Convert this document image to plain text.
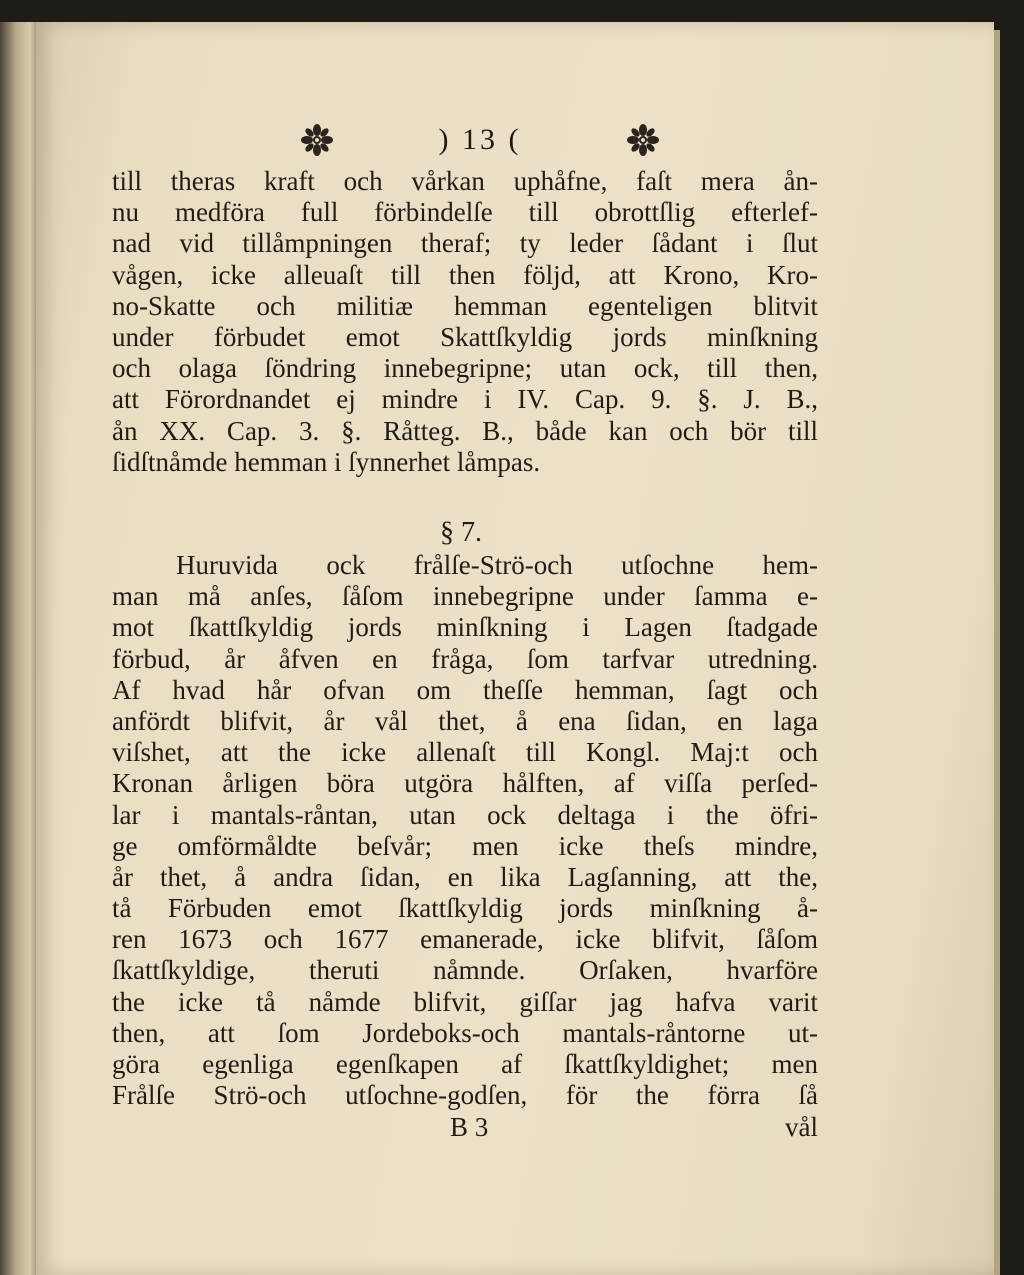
) 13 (
till theras kraft och vårkan uphåfne, faſt mera ån-
nu medföra full förbindelſe till obrottſlig efterlef-
nad vid tillåmpningen theraf; ty leder ſådant i ſlut
vågen, icke alleuaſt till then följd, att Krono, Kro-
no-Skatte och militiæ hemman egenteligen blitvit
under förbudet emot Skattſkyldig jords minſkning
och olaga ſöndring innebegripne; utan ock, till then,
att Förordnandet ej mindre i IV. Cap. 9. §. J. B.,
ån XX. Cap. 3. §. Råtteg. B., både kan och bör till
ſidſtnåmde hemman i ſynnerhet låmpas.
§ 7.
Huruvida ock frålſe-Strö-och utſochne hem-
man må anſes, ſåſom innebegripne under ſamma e-
mot ſkattſkyldig jords minſkning i Lagen ſtadgade
förbud, år åfven en fråga, ſom tarfvar utredning.
Af hvad hår ofvan om theſſe hemman, ſagt och
anfördt blifvit, år vål thet, å ena ſidan, en laga
viſshet, att the icke allenaſt till Kongl. Maj:t och
Kronan årligen böra utgöra hålften, af viſſa perſed-
lar i mantals-råntan, utan ock deltaga i the öfri-
ge omförmåldte beſvår; men icke theſs mindre,
år thet, å andra ſidan, en lika Lagſanning, att the,
tå Förbuden emot ſkattſkyldig jords minſkning å-
ren 1673 och 1677 emanerade, icke blifvit, ſåſom
ſkattſkyldige, theruti nåmnde. Orſaken, hvarföre
the icke tå nåmde blifvit, giſſar jag hafva varit
then, att ſom Jordeboks-och mantals-råntorne ut-
göra egenliga egenſkapen af ſkattſkyldighet; men
Frålſe Strö-och utſochne-godſen, för the förra ſå
B 3	vål
